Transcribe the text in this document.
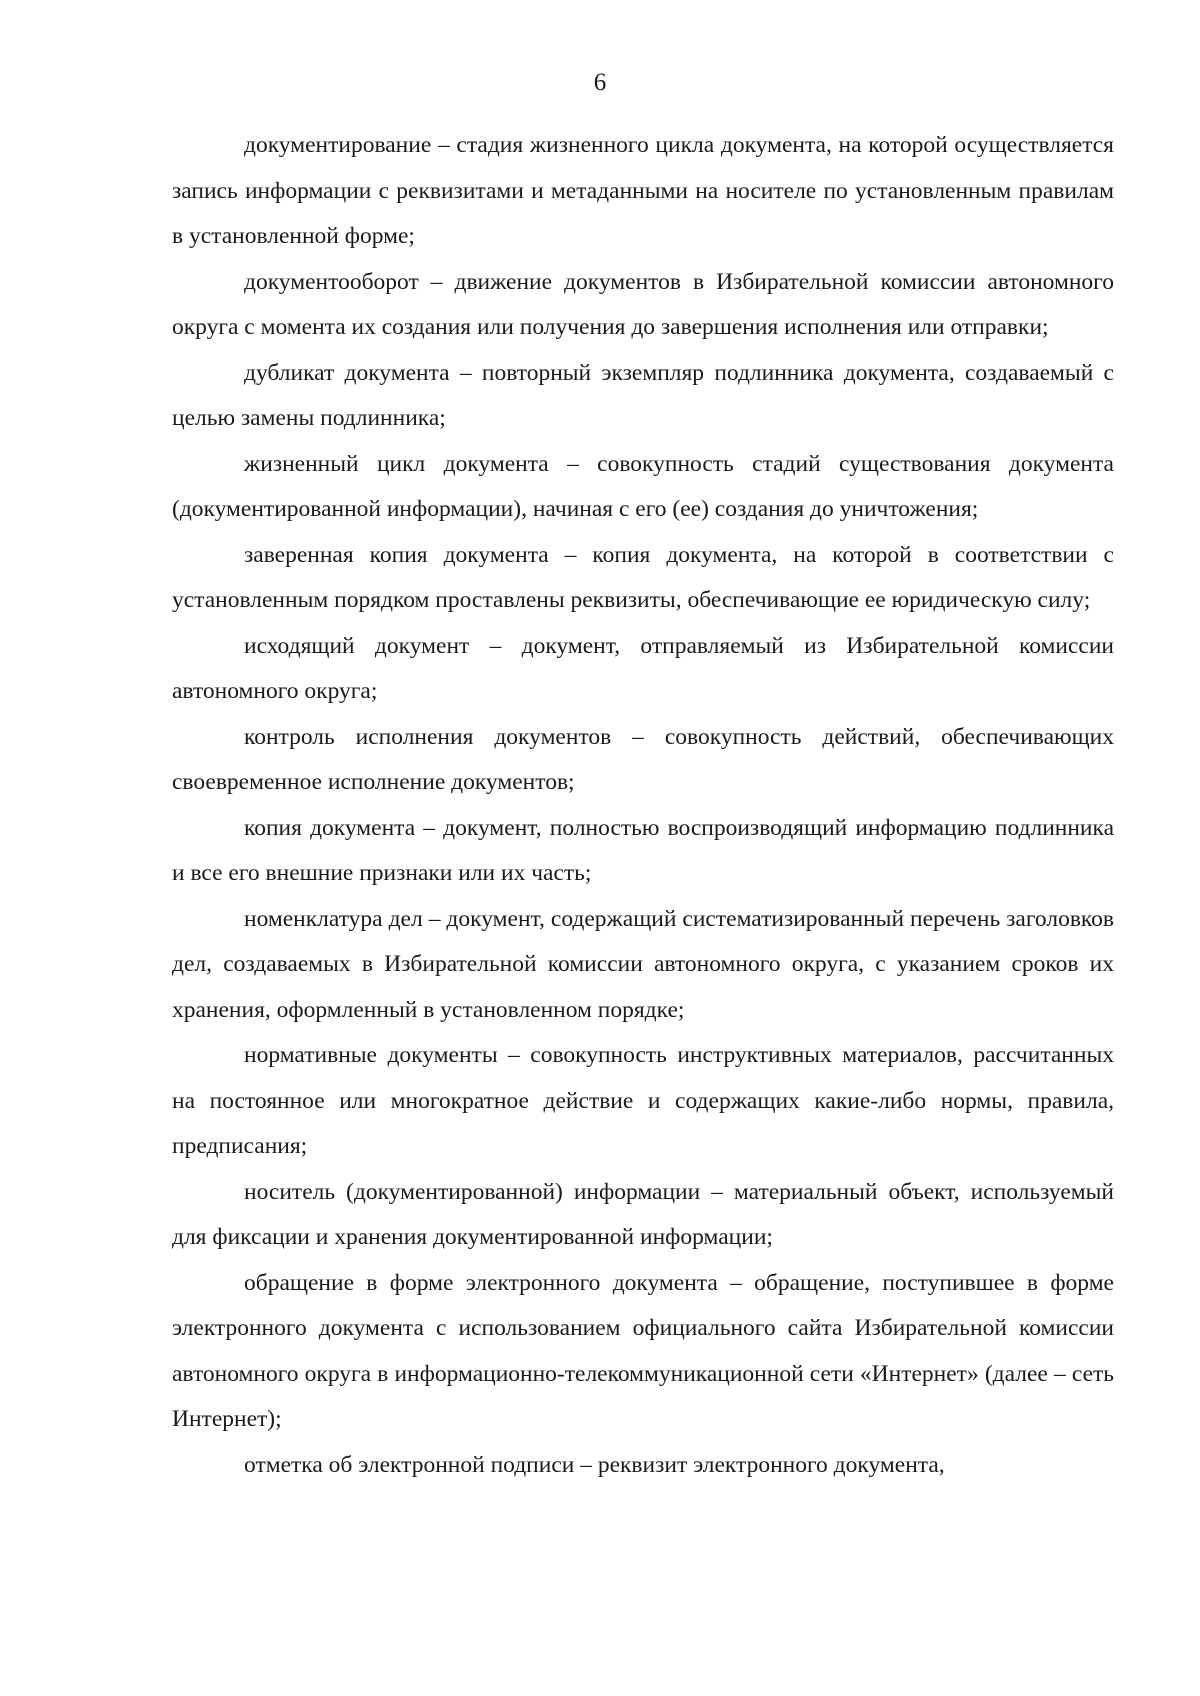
6

документирование – стадия жизненного цикла документа, на которой осуществляется запись информации с реквизитами и метаданными на носителе по установленным правилам в установленной форме;

документооборот – движение документов в Избирательной комиссии автономного округа с момента их создания или получения до завершения исполнения или отправки;

дубликат документа – повторный экземпляр подлинника документа, создаваемый с целью замены подлинника;

жизненный цикл документа – совокупность стадий существования документа (документированной информации), начиная с его (ее) создания до уничтожения;

заверенная копия документа – копия документа, на которой в соответствии с установленным порядком проставлены реквизиты, обеспечивающие ее юридическую силу;

исходящий документ – документ, отправляемый из Избирательной комиссии автономного округа;

контроль исполнения документов – совокупность действий, обеспечивающих своевременное исполнение документов;

копия документа – документ, полностью воспроизводящий информацию подлинника и все его внешние признаки или их часть;

номенклатура дел – документ, содержащий систематизированный перечень заголовков дел, создаваемых в Избирательной комиссии автономного округа, с указанием сроков их хранения, оформленный в установленном порядке;

нормативные документы – совокупность инструктивных материалов, рассчитанных на постоянное или многократное действие и содержащих какие-либо нормы, правила, предписания;

носитель (документированной) информации – материальный объект, используемый для фиксации и хранения документированной информации;

обращение в форме электронного документа – обращение, поступившее в форме электронного документа с использованием официального сайта Избирательной комиссии автономного округа в информационно-телекоммуникационной сети «Интернет» (далее – сеть Интернет);

отметка об электронной подписи – реквизит электронного документа,
